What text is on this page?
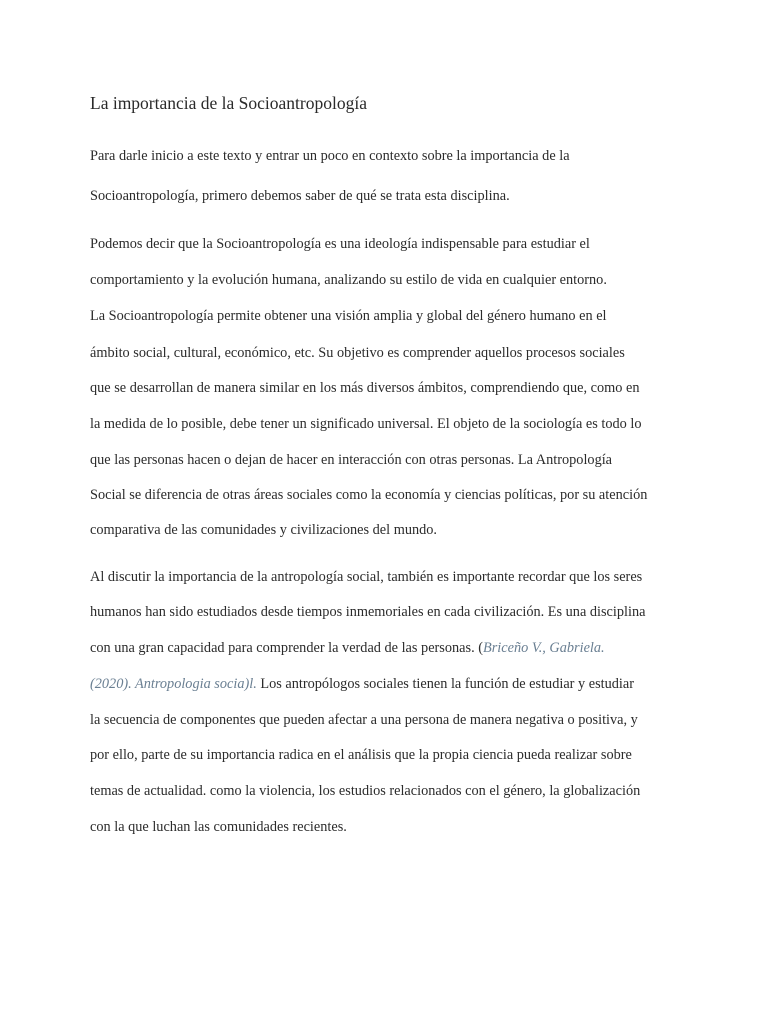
La importancia de la Socioantropología
Para darle inicio a este texto y entrar un poco en contexto sobre la importancia de la
Socioantropología, primero debemos saber de qué se trata esta disciplina.
Podemos decir que la Socioantropología es una ideología indispensable para estudiar el
comportamiento y la evolución humana, analizando su estilo de vida en cualquier entorno.
La Socioantropología permite obtener una visión amplia y global del género humano en el
ámbito social, cultural, económico, etc. Su objetivo es comprender aquellos procesos sociales
que se desarrollan de manera similar en los más diversos ámbitos, comprendiendo que, como en
la medida de lo posible, debe tener un significado universal. El objeto de la sociología es todo lo
que las personas hacen o dejan de hacer en interacción con otras personas. La Antropología
Social se diferencia de otras áreas sociales como la economía y ciencias políticas, por su atención
comparativa de las comunidades y civilizaciones del mundo.
Al discutir la importancia de la antropología social, también es importante recordar que los seres
humanos han sido estudiados desde tiempos inmemoriales en cada civilización. Es una disciplina
con una gran capacidad para comprender la verdad de las personas. (Briceño V., Gabriela.
(2020). Antropologia socia)l. Los antropólogos sociales tienen la función de estudiar y estudiar
la secuencia de componentes que pueden afectar a una persona de manera negativa o positiva, y
por ello, parte de su importancia radica en el análisis que la propia ciencia pueda realizar sobre
temas de actualidad. como la violencia, los estudios relacionados con el género, la globalización
con la que luchan las comunidades recientes.
